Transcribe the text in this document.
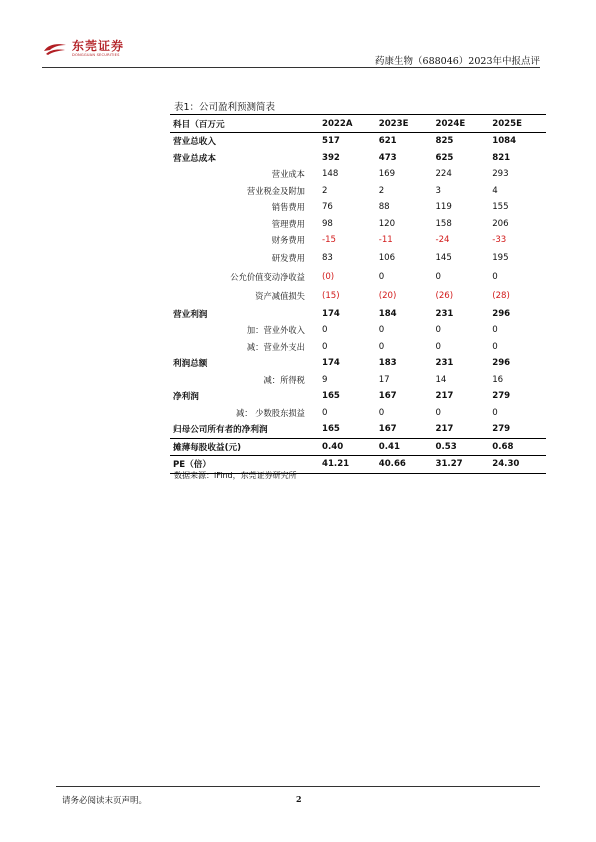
东莞证券
DONGGUAN SECURITIES
药康生物（688046）2023年中报点评
表1：公司盈利预测简表
科目（百万元	2022A	2023E	2024E	2025E
营业总收入	517	621	825	1084
营业总成本	392	473	625	821
营业成本	148	169	224	293
营业税金及附加	2	2	3	4
销售费用	76	88	119	155
管理费用	98	120	158	206
财务费用	-15	-11	-24	-33
研发费用	83	106	145	195
公允价值变动净收益	(0)	0	0	0
资产减值损失	(15)	(20)	(26)	(28)
营业利润	174	184	231	296
加：营业外收入	0	0	0	0
减：营业外支出	0	0	0	0
利润总额	174	183	231	296
减：所得税	9	17	14	16
净利润	165	167	217	279
减： 少数股东损益	0	0	0	0
归母公司所有者的净利润	165	167	217	279
摊薄每股收益(元)	0.40	0.41	0.53	0.68
PE（倍）	41.21	40.66	31.27	24.30
数据来源：iFind，东莞证券研究所
请务必阅读末页声明。	2
